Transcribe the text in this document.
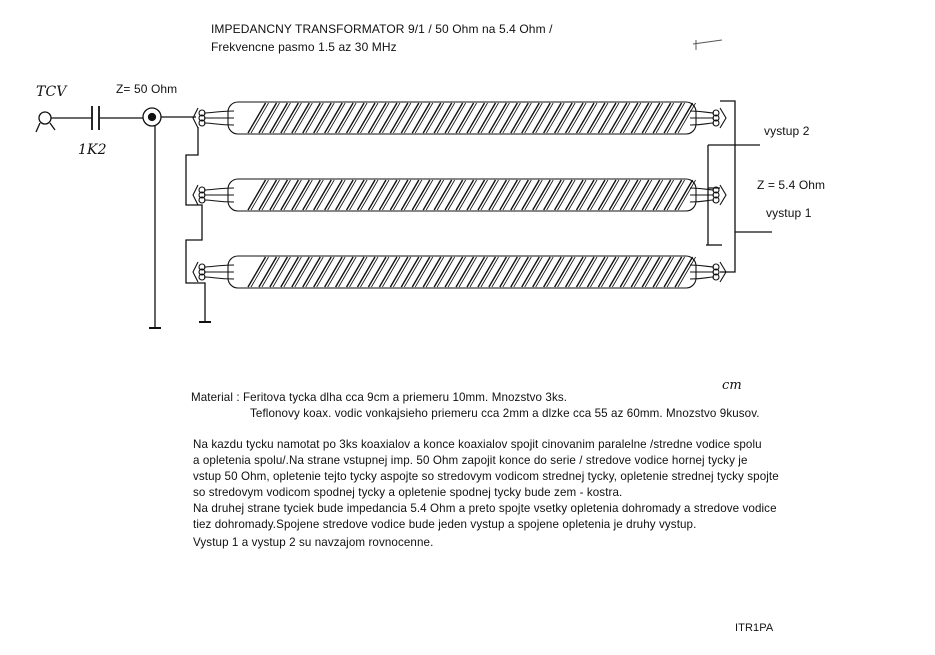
IMPEDANCNY TRANSFORMATOR 9/1 / 50 Ohm na 5.4 Ohm /
Frekvencne pasmo 1.5 az 30 MHz
TCV
1K2
Z= 50 Ohm
vystup 2
Z = 5.4 Ohm
vystup 1
cm
Material : Feritova tycka dlha cca 9cm a priemeru 10mm. Mnozstvo 3ks.
Teflonovy koax. vodic vonkajsieho priemeru cca 2mm a dlzke cca 55 az 60mm. Mnozstvo 9kusov.
Na kazdu tycku namotat po 3ks koaxialov a konce koaxialov spojit cinovanim paralelne /stredne vodice spolu
a opletenia spolu/.Na strane vstupnej imp. 50 Ohm zapojit konce do serie / stredove vodice hornej tycky je
vstup 50 Ohm, opletenie tejto tycky aspojte so stredovym vodicom strednej tycky, opletenie strednej tycky spojte
so stredovym vodicom spodnej tycky a opletenie spodnej tycky bude zem - kostra.
Na druhej strane tyciek bude impedancia 5.4 Ohm a preto spojte vsetky opletenia dohromady a stredove vodice
tiez dohromady.Spojene stredove vodice bude jeden vystup a spojene opletenia je druhy vystup.
Vystup 1 a vystup 2 su navzajom rovnocenne.
ITR1PA
